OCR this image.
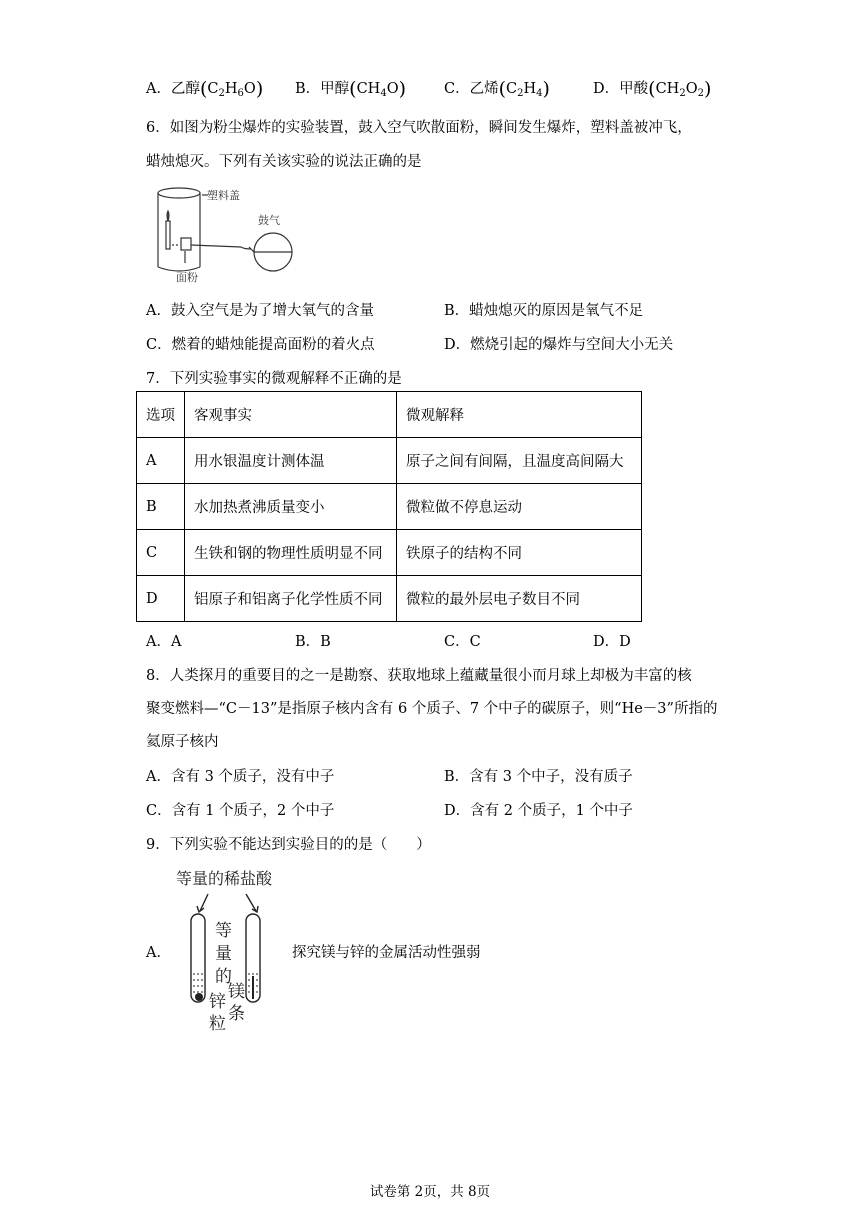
A．乙醇$(C_2H_6O)$ B．甲醇$(CH_4O)$	C．乙烯$(C_2H_4)$	D．甲酸$(CH_2O_2)$
6．如图为粉尘爆炸的实验装置，鼓入空气吹散面粉，瞬间发生爆炸，塑料盖被冲飞，
蜡烛熄灭。下列有关该实验的说法正确的是
塑料盖
鼓气
面粉
A．鼓入空气是为了增大氧气的含量	B．蜡烛熄灭的原因是氧气不足
C．燃着的蜡烛能提高面粉的着火点	D．燃烧引起的爆炸与空间大小无关
7．下列实验事实的微观解释不正确的是
选项	客观事实	微观解释
A	用水银温度计测体温	原子之间有间隔，且温度高间隔大
B	水加热煮沸质量变小	微粒做不停息运动
C	生铁和钢的物理性质明显不同	铁原子的结构不同
D	铝原子和铝离子化学性质不同	微粒的最外层电子数目不同
A．A	B．B	C．C	D．D
8．人类探月的重要目的之一是勘察、获取地球上蕴藏量很小而月球上却极为丰富的核
聚变燃料—“C－13”是指原子核内含有 6 个质子、7 个中子的碳原子，则“He－3”所指的
氦原子核内
A．含有 3 个质子，没有中子	B．含有 3 个中子，没有质子
C．含有 1 个质子，2 个中子	D．含有 2 个质子，1 个中子
9．下列实验不能达到实验目的的是（　　）
A．
等量的稀盐酸
等
量
的
锌
粒
镁
条
探究镁与锌的金属活动性强弱
试卷第 2页，共 8页
